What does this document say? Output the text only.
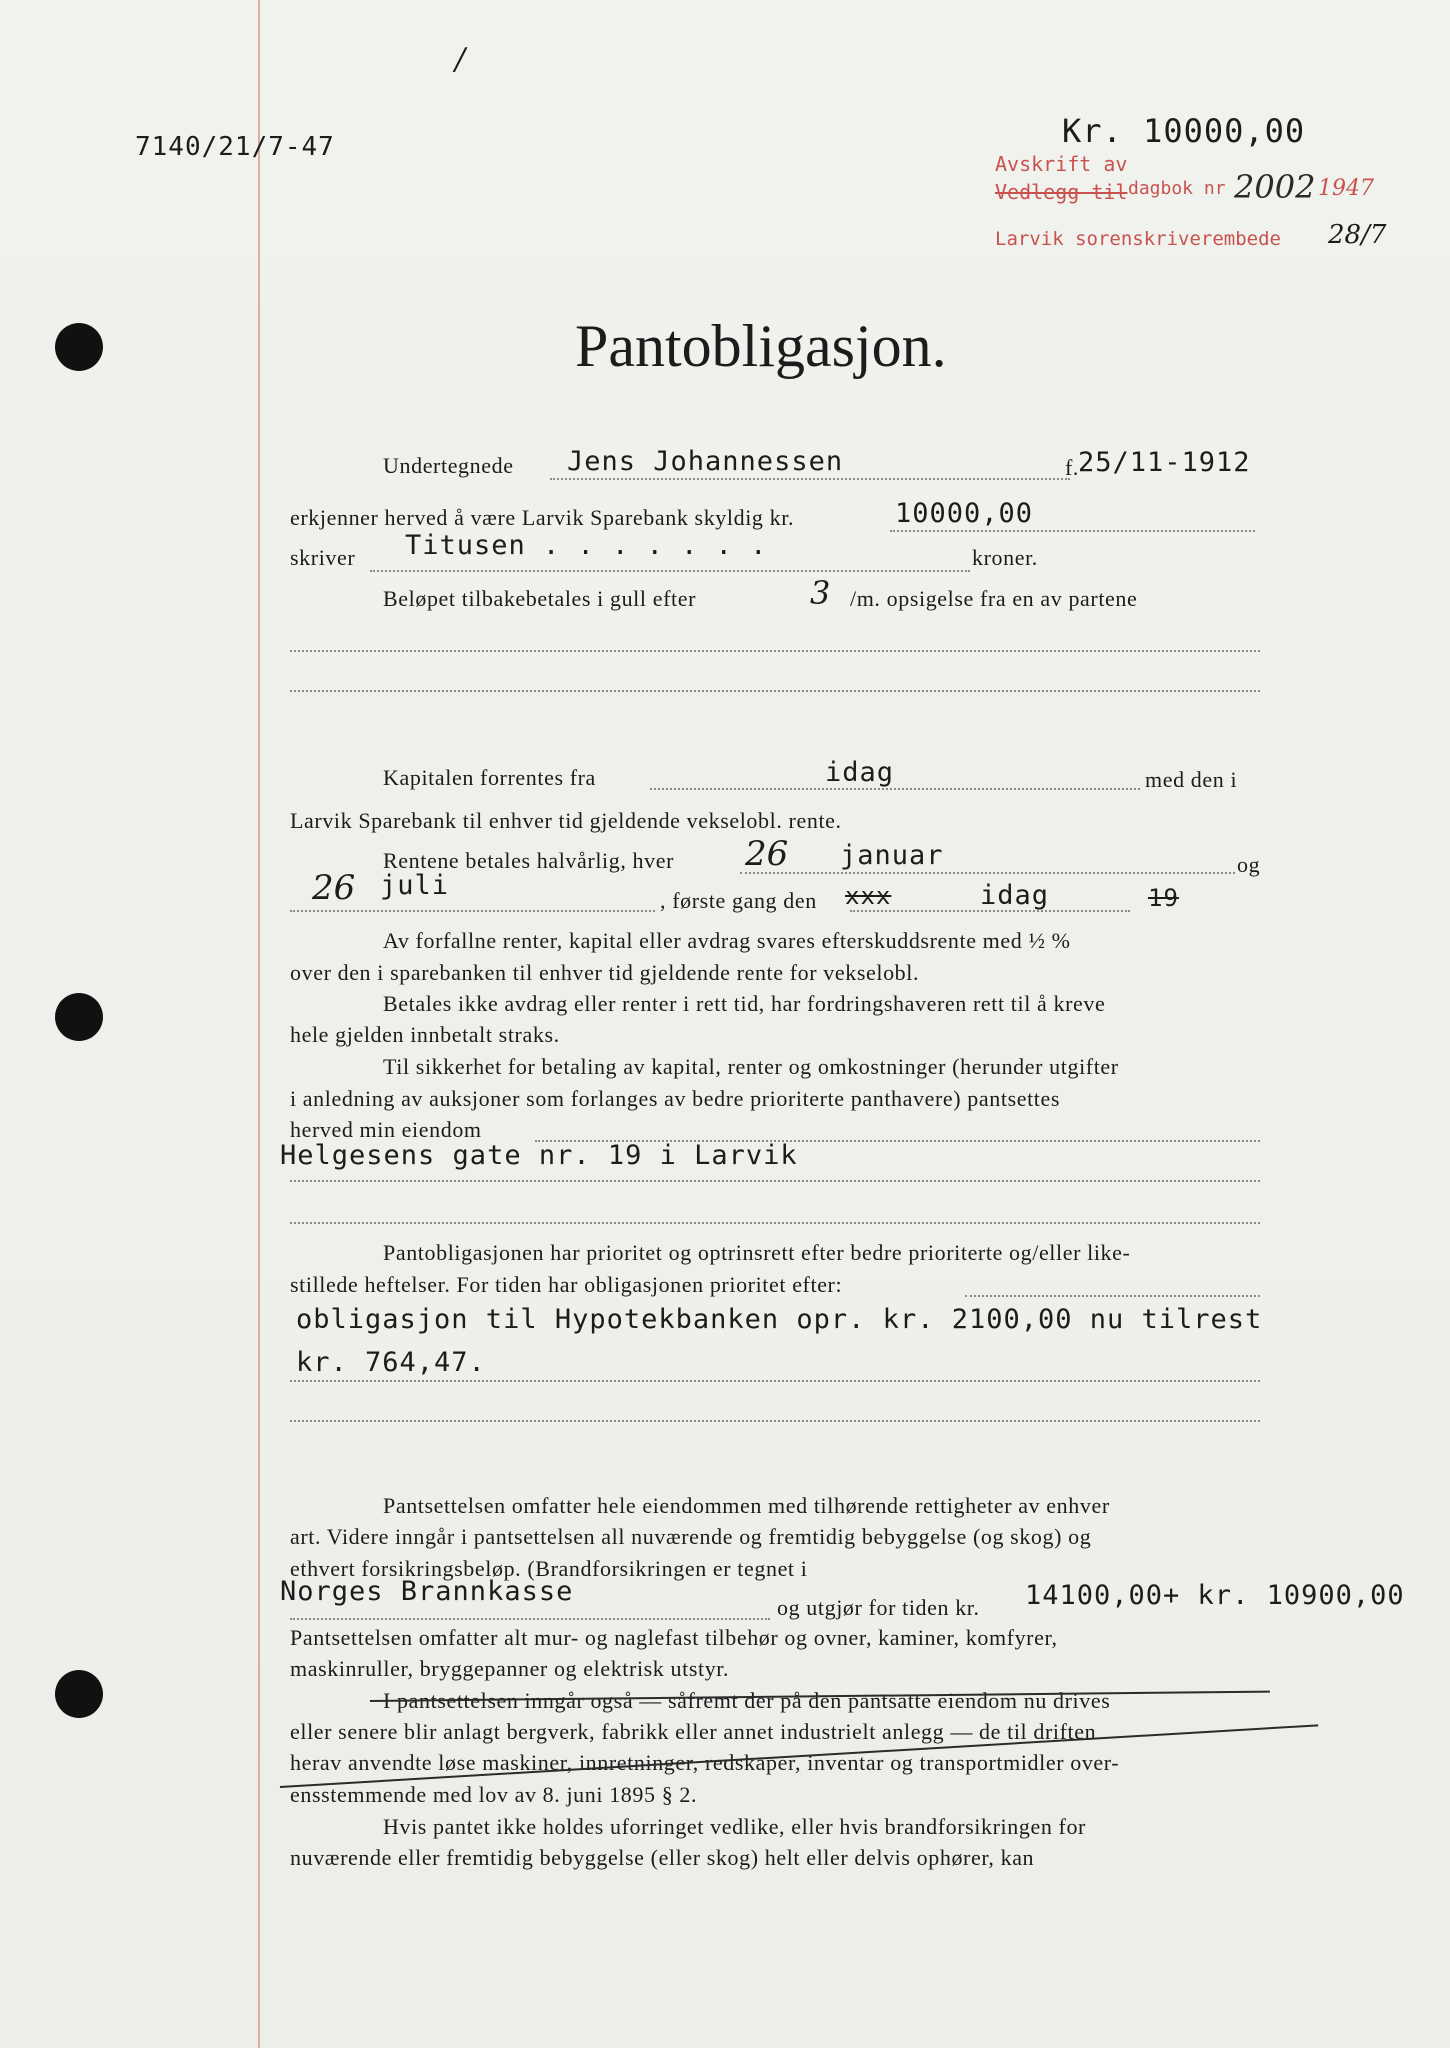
/
7140/21/7-47	Kr. 10000,00
Avskrift av
Vedlegg til dagbok nr 2002 1947
Larvik sorenskriverembede 28/7
Pantobligasjon.
Undertegnede Jens Johannessen	f.
25/11-1912
erkjenner herved å være Larvik Sparebank skyldig kr.	10000,00
skriver Titusen . . . . . . .	kroner.
Beløpet tilbakebetales i gull efter	3 /m. opsigelse fra en av partene
Kapitalen forrentes fra	idag	med den i
Larvik Sparebank til enhver tid gjeldende vekselobl. rente.
Rentene betales halvårlig, hver 26 januar	og
26 juli	, første gang den xxx	idag	19
Av forfallne renter, kapital eller avdrag svares efterskuddsrente med ½ %
over den i sparebanken til enhver tid gjeldende rente for vekselobl.
Betales ikke avdrag eller renter i rett tid, har fordringshaveren rett til å kreve
hele gjelden innbetalt straks.
Til sikkerhet for betaling av kapital, renter og omkostninger (herunder utgifter
i anledning av auksjoner som forlanges av bedre prioriterte panthavere) pantsettes
herved min eiendom
Helgesens gate nr. 19 i Larvik
Pantobligasjonen har prioritet og optrinsrett efter bedre prioriterte og/eller like-
stillede heftelser. For tiden har obligasjonen prioritet efter:
obligasjon til Hypotekbanken opr. kr. 2100,00 nu tilrest
kr. 764,47.
Pantsettelsen omfatter hele eiendommen med tilhørende rettigheter av enhver
art. Videre inngår i pantsettelsen all nuværende og fremtidig bebyggelse (og skog) og
ethvert forsikringsbeløp. (Brandforsikringen er tegnet i
Norges Brannkasse
og utgjør for tiden kr. 14100,00+ kr. 10900,00
Pantsettelsen omfatter alt mur- og naglefast tilbehør og ovner, kaminer, komfyrer,
maskinruller, bryggepanner og elektrisk utstyr.
I pantsettelsen inngår også — såfremt der på den pantsatte eiendom nu drives
eller senere blir anlagt bergverk, fabrikk eller annet industrielt anlegg — de til driften
herav anvendte løse maskiner, innretninger, redskaper, inventar og transportmidler over-
ensstemmende med lov av 8. juni 1895 § 2.
Hvis pantet ikke holdes uforringet vedlike, eller hvis brandforsikringen for
nuværende eller fremtidig bebyggelse (eller skog) helt eller delvis ophører, kan
